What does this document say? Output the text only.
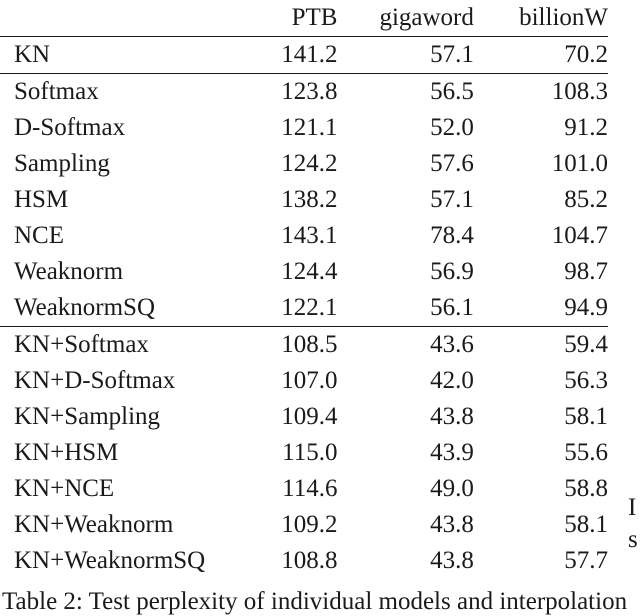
	PTB	gigaword	billionW
KN	141.2	57.1	70.2
Softmax	123.8	56.5	108.3
D-Softmax	121.1	52.0	91.2
Sampling	124.2	57.6	101.0
HSM	138.2	57.1	85.2
NCE	143.1	78.4	104.7
Weaknorm	124.4	56.9	98.7
WeaknormSQ	122.1	56.1	94.9
KN+Softmax	108.5	43.6	59.4
KN+D-Softmax	107.0	42.0	56.3
KN+Sampling	109.4	43.8	58.1
KN+HSM	115.0	43.9	55.6
KN+NCE	114.6	49.0	58.8
KN+Weaknorm	109.2	43.8	58.1
KN+WeaknormSQ	108.8	43.8	57.7
Table 2: Test perplexity of individual models and interpolation
I
s
